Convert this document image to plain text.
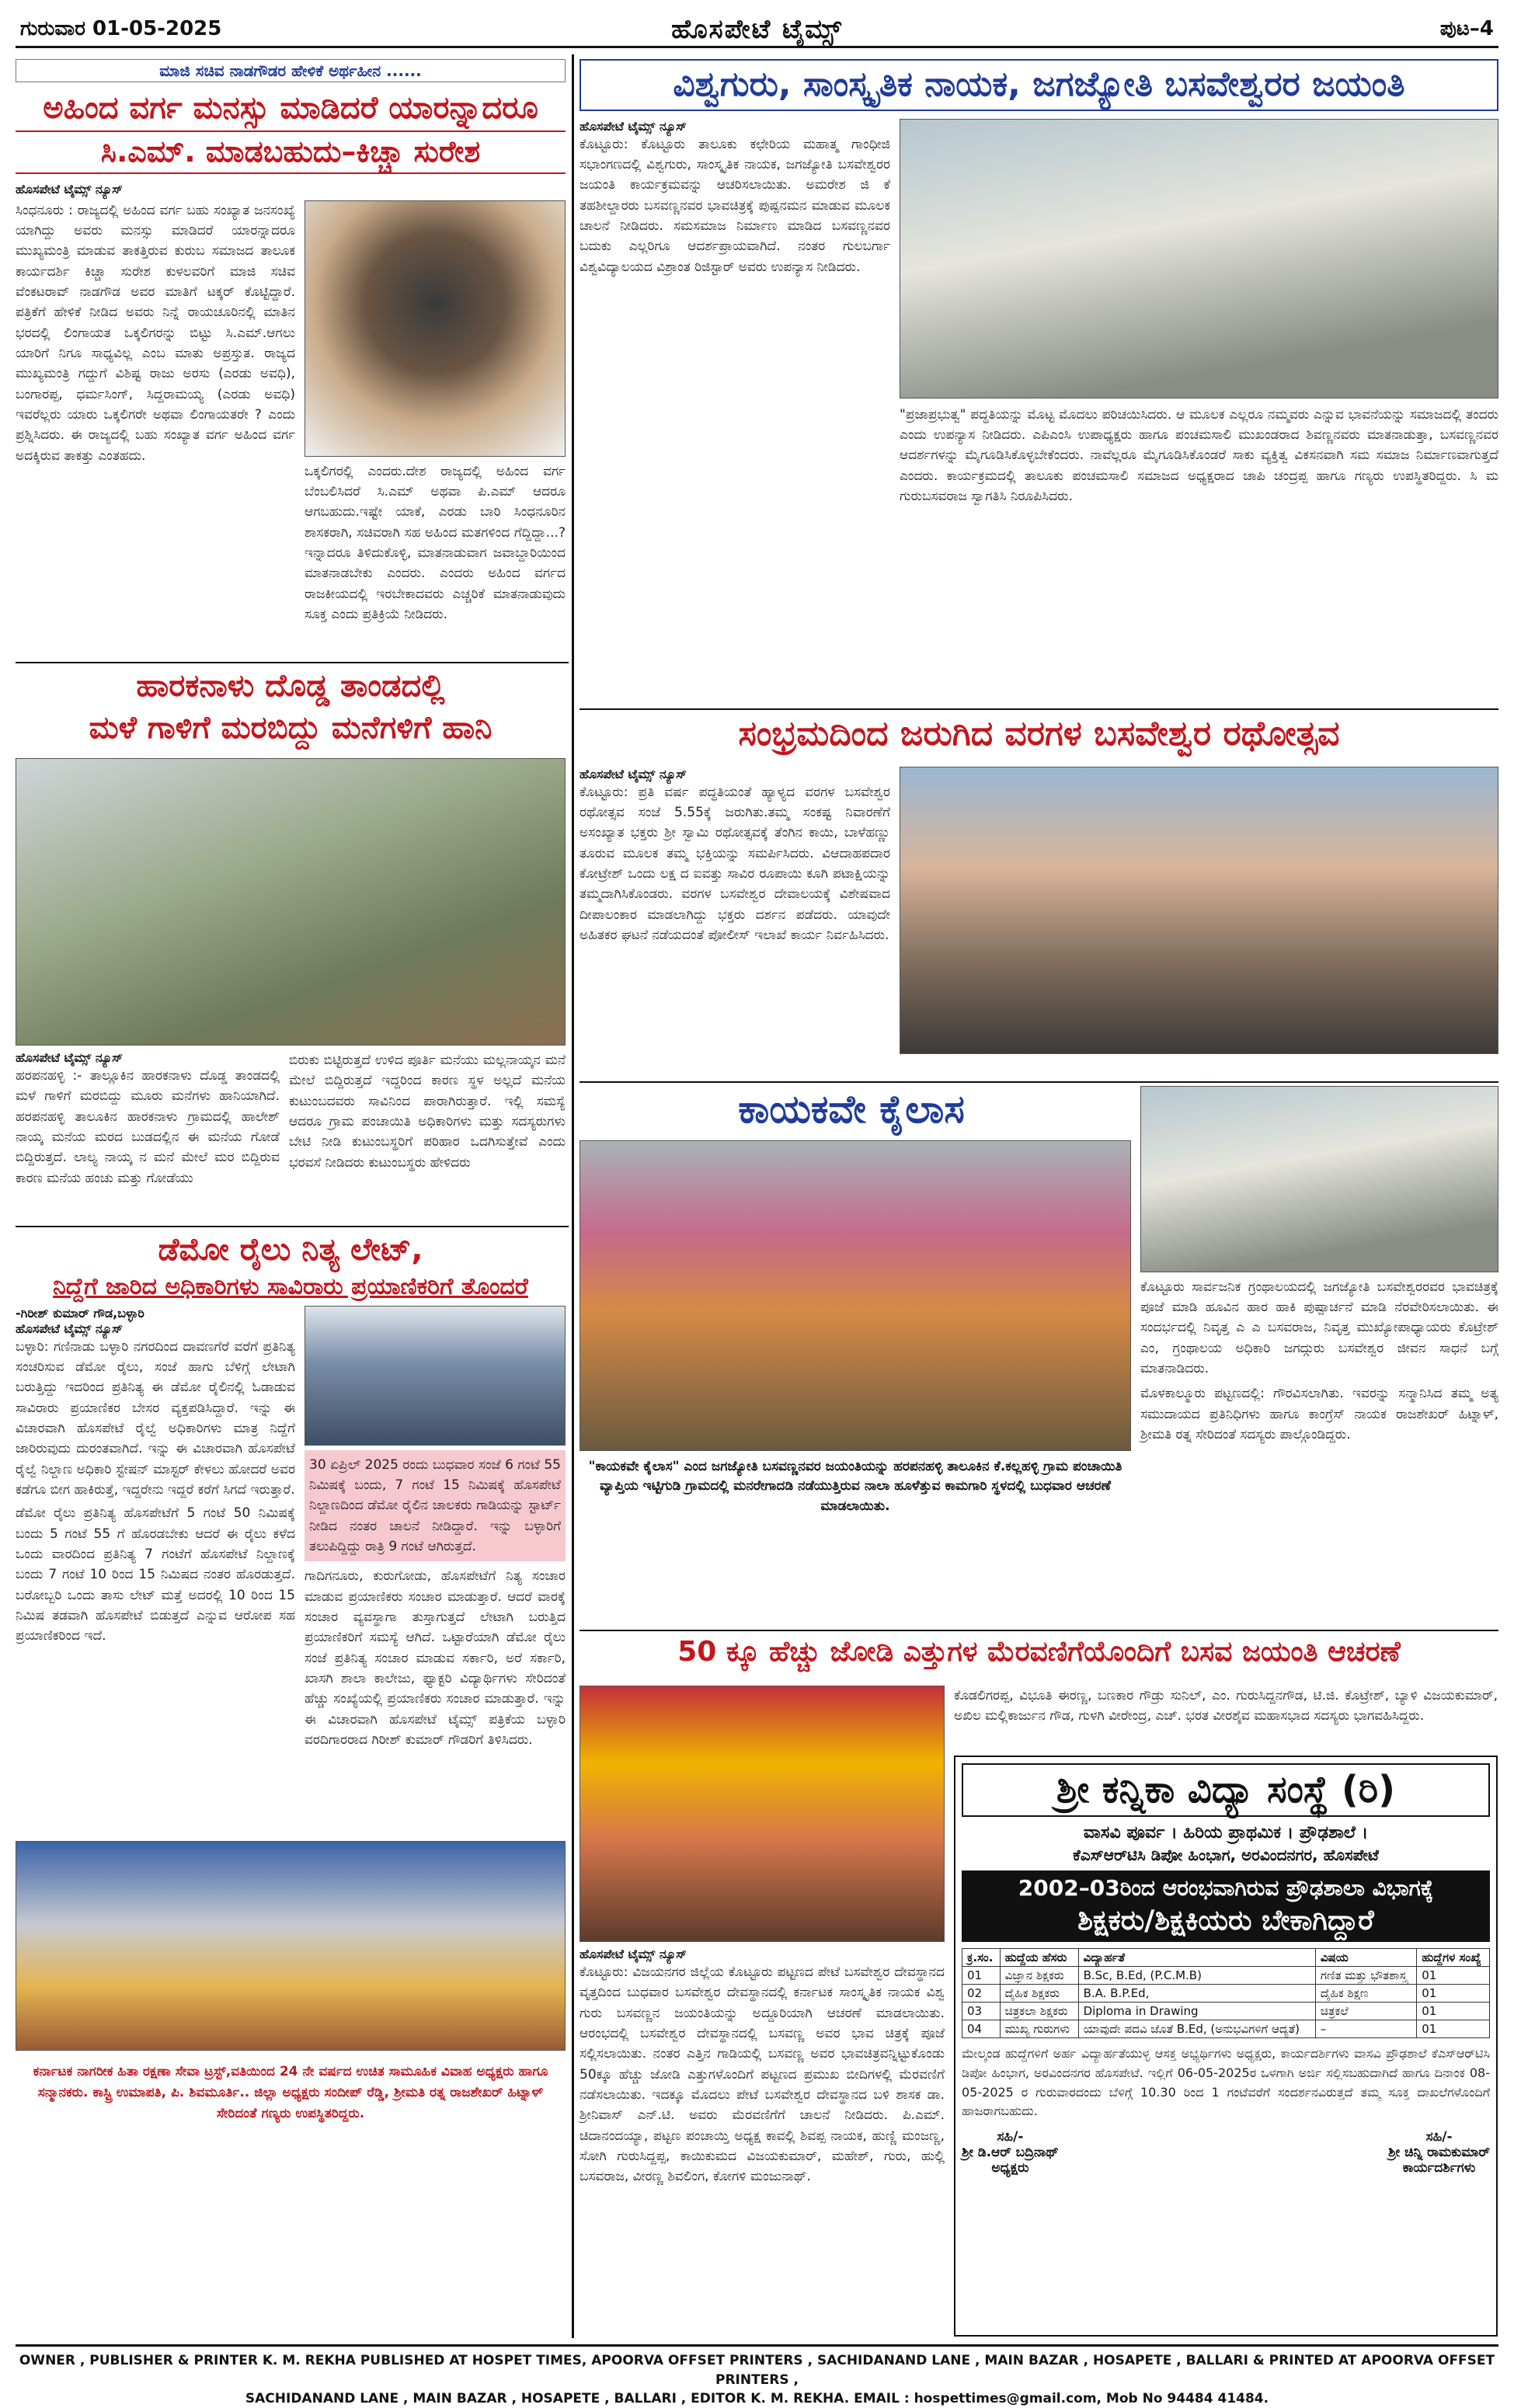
ಗುರುವಾರ 01-05-2025	ಹೊಸಪೇಟೆ ಟೈಮ್ಸ್	ಪುಟ–4
ಮಾಜಿ ಸಚಿವ ನಾಡಗೌಡರ ಹೇಳಿಕೆ ಅರ್ಥಹೀನ ......
ಅಹಿಂದ ವರ್ಗ ಮನಸ್ಸು ಮಾಡಿದರೆ ಯಾರನ್ನಾದರೂ
ಸಿ.ಎಮ್. ಮಾಡಬಹುದು–ಕಿಚ್ಚಾ ಸುರೇಶ
ಹೊಸಪೇಟೆ ಟೈಮ್ಸ್ ನ್ಯೂಸ್
ಸಿಂಧನೂರು : ರಾಜ್ಯದಲ್ಲಿ ಅಹಿಂದ ವರ್ಗ ಬಹು ಸಂಖ್ಯಾತ ಜನಸಂಖ್ಯೆ ಯಾಗಿದ್ದು ಅವರು ಮನಸ್ಸು ಮಾಡಿದರೆ ಯಾರನ್ನಾದರೂ ಮುಖ್ಯಮಂತ್ರಿ ಮಾಡುವ ತಾಕತ್ತಿರುವ ಕುರುಬ ಸಮಾಜದ ತಾಲೂಕ ಕಾರ್ಯದರ್ಶಿ ಕಿಚ್ಚಾ ಸುರೇಶ ಕುಳಲವರಿಗೆ ಮಾಜಿ ಸಚಿವ ವೆಂಕಟರಾವ್ ನಾಡಗೌಡ ಅವರ ಮಾತಿಗೆ ಟಕ್ಕರ್ ಕೊಟ್ಟಿದ್ದಾರೆ. ಪತ್ರಿಕೆಗೆ ಹೇಳಿಕೆ ನೀಡಿದ ಅವರು ನಿನ್ನೆ ರಾಯಚೂರಿನಲ್ಲಿ ಮಾತಿನ ಭರದಲ್ಲಿ ಲಿಂಗಾಯತ ಒಕ್ಕಲಿಗರನ್ನು ಬಿಟ್ಟು ಸಿ.ಎಮ್.ಆಗಲು ಯಾರಿಗೆ ನಿಗೂ ಸಾಧ್ಯವಿಲ್ಲ ಎಂಬ ಮಾತು ಅಪ್ರಸ್ತುತ. ರಾಜ್ಯದ ಮುಖ್ಯಮಂತ್ರಿ ಗದ್ದುಗೆ ವಿಶಿಷ್ಟ ರಾಜು ಅರಸು (ಎರಡು ಅವಧಿ), ಬಂಗಾರಪ್ಪ, ಧರ್ಮಸಿಂಗ್, ಸಿದ್ದರಾಮಯ್ಯ (ಎರಡು ಅವಧಿ) ಇವರೆಲ್ಲರು ಯಾರು ಒಕ್ಕಲಿಗರೇ ಅಥವಾ ಲಿಂಗಾಯತರೇ ? ಎಂದು ಪ್ರಶ್ನಿಸಿದರು. ಈ ರಾಜ್ಯದಲ್ಲಿ ಬಹು ಸಂಖ್ಯಾತ ವರ್ಗ ಅಹಿಂದ ವರ್ಗ ಅದಕ್ಕಿರುವ ತಾಕತ್ತು ಎಂತಹದು.
ಒಕ್ಕಲಿಗರಲ್ಲಿ ಎಂದರು.ದೇಶ ರಾಜ್ಯದಲ್ಲಿ ಅಹಿಂದ ವರ್ಗ ಬೆಂಬಲಿಸಿದರೆ ಸಿ.ಎಮ್ ಅಥವಾ ಪಿ.ಎಮ್ ಆದರೂ ಆಗಬಹುದು.ಇಷ್ಟೇ ಯಾಕೆ, ಎರಡು ಬಾರಿ ಸಿಂಧನೂರಿನ ಶಾಸಕರಾಗಿ, ಸಚಿವರಾಗಿ ಸಹ ಅಹಿಂದ ಮತಗಳಿಂದ ಗೆದ್ದಿದ್ದಾ...? ಇನ್ನಾದರೂ ತಿಳಿದುಕೊಳ್ಳಿ, ಮಾತನಾಡುವಾಗ ಜವಾಬ್ದಾರಿಯಿಂದ ಮಾತನಾಡಬೇಕು ಎಂದರು. ಎಂದರು ಅಹಿಂದ ವರ್ಗದ ರಾಜಕೀಯದಲ್ಲಿ ಇರಬೇಕಾದವರು ಎಚ್ಚರಿಕೆ ಮಾತನಾಡುವುದು ಸೂಕ್ತ ಎಂದು ಪ್ರತಿಕ್ರಿಯೆ ನೀಡಿದರು.
ಹಾರಕನಾಳು ದೊಡ್ಡ ತಾಂಡದಲ್ಲಿ
ಮಳೆ ಗಾಳಿಗೆ ಮರಬಿದ್ದು ಮನೆಗಳಿಗೆ ಹಾನಿ
ಹೊಸಪೇಟೆ ಟೈಮ್ಸ್ ನ್ಯೂಸ್
ಹರಪನಹಳ್ಳಿ :- ತಾಲ್ಲೂಕಿನ ಹಾರಕನಾಳು ದೊಡ್ಡ ತಾಂಡದಲ್ಲಿ ಮಳೆ ಗಾಳಿಗೆ ಮರಬಿದ್ದು ಮೂರು ಮನೆಗಳು ಹಾನಿಯಾಗಿದೆ. ಹರಪನಹಳ್ಳಿ ತಾಲೂಕಿನ ಹಾರಕನಾಳು ಗ್ರಾಮದಲ್ಲಿ ಹಾಲೇಶ್ ನಾಯ್ಕ ಮನೆಯ ಮರದ ಬುಡದಲ್ಲಿನ ಈ ಮನೆಯ ಗೋಡೆ ಬಿದ್ದಿರುತ್ತದೆ. ಲಾಲ್ಯ ನಾಯ್ಕ ನ ಮನೆ ಮೇಲೆ ಮರ ಬಿದ್ದಿರುವ ಕಾರಣ ಮನೆಯ ಹಂಚು ಮತ್ತು ಗೋಡೆಯು
ಬಿರುಕು ಬಿಟ್ಟಿರುತ್ತದೆ ಉಳಿದ ಪೂರ್ತಿ ಮನೆಯು ಮಲ್ಲನಾಯ್ಕನ ಮನೆ ಮೇಲೆ ಬಿದ್ದಿರುತ್ತದೆ ಇದ್ದರಿಂದ ಕಾರಣ ಸ್ಥಳ ಅಲ್ಲದೆ ಮನೆಯ ಕುಟುಂಬದವರು ಸಾವಿನಿಂದ ಪಾರಾಗಿರುತ್ತಾರೆ. ಇಲ್ಲಿ ಸಮಸ್ಯೆ ಆದರೂ ಗ್ರಾಮ ಪಂಚಾಯಿತಿ ಅಧಿಕಾರಿಗಳು ಮತ್ತು ಸದಸ್ಯರುಗಳು ಬೇಟಿ ನೀಡಿ ಕುಟುಂಬಸ್ಥರಿಗೆ ಪರಿಹಾರ ಒದಗಿಸುತ್ತೇವೆ ಎಂದು ಭರವಸೆ ನೀಡಿದರು ಕುಟುಂಬಸ್ಥರು ಹೇಳಿದರು
ಡೆಮೋ ರೈಲು ನಿತ್ಯ ಲೇಟ್,
ನಿದ್ದೆಗೆ ಜಾರಿದ ಅಧಿಕಾರಿಗಳು ಸಾವಿರಾರು ಪ್ರಯಾಣಿಕರಿಗೆ ತೊಂದರೆ
-ಗಿರೀಶ್ ಕುಮಾರ್ ಗೌಡ,ಬಳ್ಳಾರಿ
ಹೊಸಪೇಟೆ ಟೈಮ್ಸ್ ನ್ಯೂಸ್
ಬಳ್ಳಾರಿ: ಗಣಿನಾಡು ಬಳ್ಳಾರಿ ನಗರದಿಂದ ದಾವಣಗೆರೆ ವರೆಗೆ ಪ್ರತಿನಿತ್ಯ ಸಂಚರಿಸುವ ಡೆಮೋ ರೈಲು, ಸಂಜೆ ಹಾಗು ಬೆಳಿಗ್ಗೆ ಲೇಟಾಗಿ ಬರುತ್ತಿದ್ದು ಇದರಿಂದ ಪ್ರತಿನಿತ್ಯ ಈ ಡೆಮೋ ರೈಲಿನಲ್ಲಿ ಓಡಾಡುವ ಸಾವಿರಾರು ಪ್ರಯಾಣಿಕರ ಬೇಸರ ವ್ಯಕ್ತಪಡಿಸಿದ್ದಾರೆ. ಇನ್ನು ಈ ವಿಚಾರವಾಗಿ ಹೊಸಪೇಟೆ ರೈಲ್ವೆ ಅಧಿಕಾರಿಗಳು ಮಾತ್ರ ನಿದ್ದೆಗೆ ಜಾರಿರುವುದು ದುರಂತವಾಗಿದೆ. ಇನ್ನು ಈ ವಿಚಾರವಾಗಿ ಹೊಸಪೇಟೆ ರೈಲ್ವೆ ನಿಲ್ದಾಣ ಅಧಿಕಾರಿ ಸ್ಟೇಷನ್ ಮಾಸ್ಟರ್ ಕೇಳಲು ಹೋದರೆ ಅವರ ಕಡೆಗೂ ಬೀಗ ಹಾಕಿರುತ್ತೆ, ಇದ್ದರೇನು ಇದ್ದರೆ ಕರೆಗೆ ಸಿಗದೆ ಇರುತ್ತಾರೆ.
ಡೆಮೋ ರೈಲು ಪ್ರತಿನಿತ್ಯ ಹೊಸಪೇಟೆಗೆ 5 ಗಂಟೆ 50 ನಿಮಿಷಕ್ಕೆ ಬಂದು 5 ಗಂಟೆ 55 ಗೆ ಹೊರಡಬೇಕು ಆದರೆ ಈ ರೈಲು ಕಳೆದ ಒಂದು ವಾರದಿಂದ ಪ್ರತಿನಿತ್ಯ 7 ಗಂಟೆಗೆ ಹೊಸಪೇಟೆ ನಿಲ್ದಾಣಕ್ಕೆ ಬಂದು 7 ಗಂಟೆ 10 ರಿಂದ 15 ನಿಮಿಷದ ನಂತರ ಹೊರಡುತ್ತದೆ. ಬರೋಬ್ಬರಿ ಒಂದು ತಾಸು ಲೇಟ್ ಮತ್ತೆ ಅದರಲ್ಲಿ 10 ರಿಂದ 15 ನಿಮಿಷ ತಡವಾಗಿ ಹೊಸಪೇಟೆ ಬಿಡುತ್ತದೆ ಎನ್ನುವ ಆರೋಪ ಸಹ ಪ್ರಯಾಣಿಕರಿಂದ ಇದೆ.
30 ಏಪ್ರಿಲ್ 2025 ರಂದು ಬುಧವಾರ ಸಂಜೆ 6 ಗಂಟೆ 55 ನಿಮಿಷಕ್ಕೆ ಬಂದು, 7 ಗಂಟೆ 15 ನಿಮಿಷಕ್ಕೆ ಹೊಸಪೇಟೆ ನಿಲ್ದಾಣದಿಂದ ಡೆಮೋ ರೈಲಿನ ಚಾಲಕರು ಗಾಡಿಯನ್ನು ಸ್ಟಾರ್ಟ್ ನೀಡಿದ ನಂತರ ಚಾಲನೆ ನೀಡಿದ್ದಾರೆ. ಇನ್ನು ಬಳ್ಳಾರಿಗೆ ತಲುಪಿದ್ದಿದ್ದು ರಾತ್ರಿ 9 ಗಂಟೆ ಆಗಿರುತ್ತದೆ.
ಗಾದಿಗನೂರು, ಕುರುಗೋಡು, ಹೊಸಪೇಟೆಗೆ ನಿತ್ಯ ಸಂಚಾರ ಮಾಡುವ ಪ್ರಯಾಣಿಕರು ಸಂಚಾರ ಮಾಡುತ್ತಾರೆ. ಆದರೆ ವಾರಕ್ಕೆ ಸಂಚಾರ ವ್ಯವಸ್ಥಾಗಾ ತುಸ್ತಾಗುತ್ತದೆ ಲೇಟಾಗಿ ಬರುತ್ತಿದ ಪ್ರಯಾಣಿಕರಿಗೆ ಸಮಸ್ಯೆ ಆಗಿದೆ. ಒಟ್ಟಾರೆಯಾಗಿ ಡೆಮೋ ರೈಲು ಸಂಜೆ ಪ್ರತಿನಿತ್ಯ ಸಂಚಾರ ಮಾಡುವ ಸರ್ಕಾರಿ, ಅರೆ ಸರ್ಕಾರಿ, ಖಾಸಗಿ ಶಾಲಾ ಕಾಲೇಜು, ಫ್ಯಾಕ್ಟರಿ ವಿದ್ಯಾರ್ಥಿಗಳು ಸೇರಿದಂತೆ ಹೆಚ್ಚು ಸಂಖ್ಯೆಯಲ್ಲಿ ಪ್ರಯಾಣಿಕರು ಸಂಚಾರ ಮಾಡುತ್ತಾರೆ. ಇನ್ನು ಈ ವಿಚಾರವಾಗಿ ಹೊಸಪೇಟೆ ಟೈಮ್ಸ್ ಪತ್ರಿಕೆಯ ಬಳ್ಳಾರಿ ವರದಿಗಾರರಾದ ಗಿರೀಶ್ ಕುಮಾರ್ ಗೌಡರಿಗೆ ತಿಳಿಸಿದರು.
ಕರ್ನಾಟಕ ನಾಗರೀಕ ಹಿತಾ ರಕ್ಷಣಾ ಸೇವಾ ಟ್ರಸ್ಟ್,ವತಿಯಿಂದ 24 ನೇ ವರ್ಷದ ಉಚಿತ ಸಾಮೂಹಿಕ ವಿವಾಹ ಅಧ್ಯಕ್ಷರು ಹಾಗೂ ಸನ್ಮಾನಕರು. ಕಾಸ್ಟ್ರಿ ಉಮಾಪತಿ, ಪಿ. ಶಿವಮೂರ್ತಿ.. ಜಿಲ್ಲಾ ಅಧ್ಯಕ್ಷರು ಸಂದೀಪ್ ರೆಡ್ಡಿ, ಶ್ರೀಮತಿ ರತ್ನ ರಾಜಶೇಖರ್ ಹಿಟ್ನಾಳ್ ಸೇರಿದಂತೆ ಗಣ್ಯರು ಉಪಸ್ಥಿತರಿದ್ದರು.
ವಿಶ್ವಗುರು, ಸಾಂಸ್ಕೃತಿಕ ನಾಯಕ, ಜಗಜ್ಯೋತಿ ಬಸವೇಶ್ವರರ ಜಯಂತಿ
ಹೊಸಪೇಟೆ ಟೈಮ್ಸ್ ನ್ಯೂಸ್
ಕೊಟ್ಟೂರು: ಕೊಟ್ಟೂರು ತಾಲೂಕು ಕಛೇರಿಯ ಮಹಾತ್ಮ ಗಾಂಧೀಜಿ ಸಭಾಂಗಣದಲ್ಲಿ ವಿಶ್ವಗುರು, ಸಾಂಸ್ಕೃತಿಕ ನಾಯಕ, ಜಗಜ್ಯೋತಿ ಬಸವೇಶ್ವರರ ಜಯಂತಿ ಕಾರ್ಯಕ್ರಮವನ್ನು ಆಚರಿಸಲಾಯಿತು. ಅಮರೇಶ ಜಿ ಕೆ ತಹಶೀಲ್ದಾರರು ಬಸವಣ್ಣನವರ ಭಾವಚಿತ್ರಕ್ಕೆ ಪುಷ್ಪನಮನ ಮಾಡುವ ಮೂಲಕ ಚಾಲನೆ ನೀಡಿದರು. ಸಮಸಮಾಜ ನಿರ್ಮಾಣ ಮಾಡಿದ ಬಸವಣ್ಣನವರ ಬದುಕು ಎಲ್ಲರಿಗೂ ಆದರ್ಶಪ್ರಾಯವಾಗಿದೆ. ನಂತರ ಗುಲಬರ್ಗಾ ವಿಶ್ವವಿದ್ಯಾಲಯದ ವಿಶ್ರಾಂತ ರಿಜಿಸ್ಟಾರ್ ಅವರು ಉಪನ್ಯಾಸ ನೀಡಿದರು.
"ಪ್ರಜಾಪ್ರಭುತ್ವ" ಪದ್ಧತಿಯನ್ನು ಮೊಟ್ಟ ಮೊದಲು ಪರಿಚಯಿಸಿದರು. ಆ ಮೂಲಕ ಎಲ್ಲರೂ ನಮ್ಮವರು ಎನ್ನುವ ಭಾವನೆಯನ್ನು ಸಮಾಜದಲ್ಲಿ ತಂದರು ಎಂದು ಉಪನ್ಯಾಸ ನೀಡಿದರು. ಎಪಿಎಂಸಿ ಉಪಾಧ್ಯಕ್ಷರು ಹಾಗೂ ಪಂಚಮಸಾಲಿ ಮುಖಂಡರಾದ ಶಿವಣ್ಣನವರು ಮಾತನಾಡುತ್ತಾ, ಬಸವಣ್ಣನವರ ಆದರ್ಶಗಳನ್ನು ಮೈಗೂಡಿಸಿಕೊಳ್ಳಬೇಕೆಂದರು. ನಾವೆಲ್ಲರೂ ಮೈಗೂಡಿಸಿಕೊಂಡರೆ ಸಾಕು ವ್ಯಕ್ತಿತ್ವ ವಿಕಸನವಾಗಿ ಸಮ ಸಮಾಜ ನಿರ್ಮಾಣವಾಗುತ್ತದೆ ಎಂದರು. ಕಾರ್ಯಕ್ರಮದಲ್ಲಿ ತಾಲೂಕು ಪಂಚಮಸಾಲಿ ಸಮಾಜದ ಅಧ್ಯಕ್ಷರಾದ ಚಾಪಿ ಚಂದ್ರಪ್ಪ ಹಾಗೂ ಗಣ್ಯರು ಉಪಸ್ಥಿತರಿದ್ದರು. ಸಿ ಮ ಗುರುಬಸವರಾಜ ಸ್ವಾಗತಿಸಿ ನಿರೂಪಿಸಿದರು.
ಸಂಭ್ರಮದಿಂದ ಜರುಗಿದ ವರಗಳ ಬಸವೇಶ್ವರ ರಥೋತ್ಸವ
ಹೊಸಪೇಟೆ ಟೈಮ್ಸ್ ನ್ಯೂಸ್
ಕೊಟ್ಟೂರು: ಪ್ರತಿ ವರ್ಷ ಪದ್ಧತಿಯಂತೆ ಹ್ಯಾಳ್ಯದ ವರಗಳ ಬಸವೇಶ್ವರ ರಥೋತ್ಸವ ಸಂಜೆ 5.55ಕ್ಕೆ ಜರುಗಿತು.ತಮ್ಮ ಸಂಕಷ್ಟ ನಿವಾರಣೆಗೆ ಅಸಂಖ್ಯಾತ ಭಕ್ತರು ಶ್ರೀ ಸ್ವಾಮಿ ರಥೋತ್ಸವಕ್ಕೆ ತೆಂಗಿನ ಕಾಯಿ, ಬಾಳೆಹಣ್ಣು ತೂರುವ ಮೂಲಕ ತಮ್ಮ ಭಕ್ತಿಯನ್ನು ಸಮರ್ಪಿಸಿದರು. ವಿಆದಾಹಪದಾರ ಕೋಟ್ರೇಶ್ ಒಂದು ಲಕ್ಷ ದ ಐವತ್ತು ಸಾವಿರ ರೂಪಾಯಿ ಕೂಗಿ ಪಟಾಕ್ಷಿಯನ್ನು ತಮ್ಮದಾಗಿಸಿಕೊಂಡರು. ವರಗಳ ಬಸವೇಶ್ವರ ದೇವಾಲಯಕ್ಕೆ ವಿಶೇಷವಾದ ದೀಪಾಲಂಕಾರ ಮಾಡಲಾಗಿದ್ದು ಭಕ್ತರು ದರ್ಶನ ಪಡೆದರು. ಯಾವುದೇ ಅಹಿತಕರ ಘಟನೆ ನಡೆಯದಂತೆ ಪೋಲೀಸ್ ಇಲಾಖೆ ಕಾರ್ಯ ನಿರ್ವಹಿಸಿದರು.
ಕಾಯಕವೇ ಕೈಲಾಸ
"ಕಾಯಕವೇ ಕೈಲಾಸ" ಎಂದ ಜಗಜ್ಯೋತಿ ಬಸವಣ್ಣನವರ ಜಯಂತಿಯನ್ನು ಹರಪನಹಳ್ಳಿ ತಾಲೂಕಿನ ಕೆ.ಕಲ್ಲಹಳ್ಳಿ ಗ್ರಾಮ ಪಂಚಾಯಿತಿ ವ್ಯಾಪ್ತಿಯ ಇಟ್ಟಿಗುಡಿ ಗ್ರಾಮದಲ್ಲಿ ಮನರೇಗಾದಡಿ ನಡೆಯುತ್ತಿರುವ ನಾಲಾ ಹೂಳೆತ್ತುವ ಕಾಮಗಾರಿ ಸ್ಥಳದಲ್ಲಿ ಬುಧವಾರ ಆಚರಣೆ ಮಾಡಲಾಯಿತು.
ಕೊಟ್ಟೂರು ಸಾರ್ವಜನಿಕ ಗ್ರಂಥಾಲಯದಲ್ಲಿ ಜಗಜ್ಯೋತಿ ಬಸವೇಶ್ವರರವರ ಭಾವಚಿತ್ರಕ್ಕೆ ಪೂಜೆ ಮಾಡಿ ಹೂವಿನ ಹಾರ ಹಾಕಿ ಪುಷ್ಪಾರ್ಚನೆ ಮಾಡಿ ನೆರವೇರಿಸಲಾಯಿತು. ಈ ಸಂದರ್ಭದಲ್ಲಿ ನಿವೃತ್ತ ಎ ಎ ಬಸವರಾಜ, ನಿವೃತ್ತ ಮುಖ್ಯೋಪಾಧ್ಯಾಯರು ಕೊಟ್ರೇಶ್ ಎಂ, ಗ್ರಂಥಾಲಯ ಅಧಿಕಾರಿ ಜಗದ್ಗುರು ಬಸವೇಶ್ವರ ಜೀವನ ಸಾಧನೆ ಬಗ್ಗೆ ಮಾತನಾಡಿದರು.
ಮೊಳಕಾಲ್ಮೂರು ಪಟ್ಟಣದಲ್ಲಿ: ಗೌರವಿಸಲಾಗಿತು. ಇವರನ್ನು ಸನ್ಮಾನಿಸಿದ ತಮ್ಮ ಅತ್ಯ ಸಮುದಾಯದ ಪ್ರತಿನಿಧಿಗಳು ಹಾಗೂ ಕಾಂಗ್ರೆಸ್ ನಾಯಕ ರಾಜಶೇಖರ್ ಹಿಟ್ನಾಳ್, ಶ್ರೀಮತಿ ರತ್ನ ಸೇರಿದಂತೆ ಸದಸ್ಯರು ಪಾಲ್ಗೊಂಡಿದ್ದರು.
50 ಕ್ಕೂ ಹೆಚ್ಚು ಜೋಡಿ ಎತ್ತುಗಳ ಮೆರವಣಿಗೆಯೊಂದಿಗೆ ಬಸವ ಜಯಂತಿ ಆಚರಣೆ
ಹೊಸಪೇಟೆ ಟೈಮ್ಸ್ ನ್ಯೂಸ್
ಕೊಟ್ಟೂರು: ವಿಜಯನಗರ ಜಿಲ್ಲೆಯ ಕೊಟ್ಟೂರು ಪಟ್ಟಣದ ಪೇಟೆ ಬಸವೇಶ್ವರ ದೇವಸ್ಥಾನದ ವೃತ್ತದಿಂದ ಬುಧವಾರ ಬಸವೇಶ್ವರ ದೇವಸ್ಥಾನದಲ್ಲಿ ಕರ್ನಾಟಕ ಸಾಂಸ್ಕೃತಿಕ ನಾಯಕ ವಿಶ್ವ ಗುರು ಬಸವಣ್ಣನ ಜಯಂತಿಯನ್ನು ಅದ್ದೂರಿಯಾಗಿ ಆಚರಣೆ ಮಾಡಲಾಯಿತು. ಆರಂಭದಲ್ಲಿ ಬಸವೇಶ್ವರ ದೇವಸ್ಥಾನದಲ್ಲಿ ಬಸವಣ್ಣ ಅವರ ಭಾವ ಚಿತ್ರಕ್ಕೆ ಪೂಜೆ ಸಲ್ಲಿಸಲಾಯಿತು. ನಂತರ ಎತ್ತಿನ ಗಾಡಿಯಲ್ಲಿ ಬಸವಣ್ಣ ಅವರ ಭಾವಚಿತ್ರವನ್ನಿಟ್ಟುಕೊಂಡು 50ಕ್ಕೂ ಹೆಚ್ಚು ಜೋಡಿ ಎತ್ತುಗಳೊಂದಿಗೆ ಪಟ್ಟಣದ ಪ್ರಮುಖ ಬೀದಿಗಳಲ್ಲಿ ಮೆರವಣಿಗೆ ನಡೆಸಲಾಯಿತು. ಇದಕ್ಕೂ ಮೊದಲು ಪೇಟೆ ಬಸವೇಶ್ವರ ದೇವಸ್ಥಾನದ ಬಳಿ ಶಾಸಕ ಡಾ. ಶ್ರೀನಿವಾಸ್ ಎನ್.ಟಿ. ಅವರು ಮೆರವಣಿಗೆಗೆ ಚಾಲನೆ ನೀಡಿದರು. ಪಿ.ಎಮ್. ಚಿದಾನಂದಯ್ಯಾ, ಪಟ್ಟಣ ಪಂಚಾಯ್ತಿ ಅಧ್ಯಕ್ಷ ಕಾವಲ್ಲಿ ಶಿವಪ್ಪ ನಾಯಕ, ಹುಣ್ಣಿ ಮಂಜಣ್ಣ, ಸೋಗಿ ಗುರುಸಿದ್ದಪ್ಪ, ಕಾಯಿಕುಮದ ವಿಜಯಕುಮಾರ್, ಮಹೇಶ್, ಗುರು, ಹುಲ್ಲಿ ಬಸವರಾಜ, ವೀರಣ್ಣ ಶಿವಲಿಂಗ, ಕೋಗಳಿ ಮಂಜುನಾಥ್.
ಕೊಡಲಿಗರಪ್ಪ, ವಿಭೂತಿ ಈರಣ್ಣ, ಬಣಕಾರ ಗೌಡ್ರು ಸುನಿಲ್, ಎಂ. ಗುರುಸಿದ್ದನಗೌಡ, ಟಿ.ಜಿ. ಕೊಟ್ರೇಶ್, ಬ್ಯಾಳಿ ವಿಜಯಕುಮಾರ್, ಅಖಿಲ ಮಲ್ಲಿಕಾರ್ಜುನ ಗೌಡ, ಗುಳಗಿ ವೀರೇಂದ್ರ, ಎಚ್. ಭರತ ವೀರಶೈವ ಮಹಾಸಭಾದ ಸದಸ್ಯರು ಭಾಗವಹಿಸಿದ್ದರು.
ಶ್ರೀ ಕನ್ನಿಕಾ ವಿದ್ಯಾ ಸಂಸ್ಥೆ (ರಿ)
ವಾಸವಿ ಪೂರ್ವ । ಹಿರಿಯ ಪ್ರಾಥಮಿಕ । ಪ್ರೌಢಶಾಲೆ ।
ಕೆಎಸ್ಆರ್‌ಟಿಸಿ ಡಿಪೋ ಹಿಂಭಾಗ, ಅರವಿಂದನಗರ, ಹೊಸಪೇಟೆ
2002–03ರಿಂದ ಆರಂಭವಾಗಿರುವ ಪ್ರೌಢಶಾಲಾ ವಿಭಾಗಕ್ಕೆ
ಶಿಕ್ಷಕರು/ಶಿಕ್ಷಕಿಯರು ಬೇಕಾಗಿದ್ದಾರೆ
ಕ್ರ.ಸಂ.	ಹುದ್ದೆಯ ಹೆಸರು	ವಿದ್ಯಾರ್ಹತೆ	ವಿಷಯ	ಹುದ್ದೆಗಳ ಸಂಖ್ಯೆ
01	ವಿಜ್ಞಾನ ಶಿಕ್ಷಕರು	B.Sc, B.Ed, (P.C.M.B)	ಗಣಿತ ಮತ್ತು ಭೌತಶಾಸ್ತ್ರ	01
02	ದೈಹಿಕ ಶಿಕ್ಷಕರು	B.A. B.P.Ed,	ದೈಹಿಕ ಶಿಕ್ಷಣ	01
03	ಚಿತ್ರಕಲಾ ಶಿಕ್ಷಕರು	Diploma in Drawing	ಚಿತ್ರಕಲೆ	01
04	ಮುಖ್ಯ ಗುರುಗಳು	ಯಾವುದೇ ಪದವಿ ಜೊತೆ B.Ed, (ಅನುಭವಿಗಳಿಗೆ ಆದ್ಯತೆ)	–	01
ಮೇಲ್ಕಂಡ ಹುದ್ದೆಗಳಿಗೆ ಅರ್ಹ ವಿದ್ಯಾರ್ಹತೆಯುಳ್ಳ ಆಸಕ್ತ ಅಭ್ಯರ್ಥಿಗಳು ಅಧ್ಯಕ್ಷರು, ಕಾರ್ಯದರ್ಶಿಗಳು ವಾಸವಿ ಪ್ರೌಢಶಾಲೆ ಕೆಎಸ್ಆರ್‌ಟಿಸಿ ಡಿಪೋ ಹಿಂಭಾಗ, ಅರವಿಂದನಗರ ಹೊಸಪೇಟೆ. ಇಲ್ಲಿಗೆ 06-05-2025ರ ಒಳಗಾಗಿ ಅರ್ಜಿ ಸಲ್ಲಿಸಬಹುದಾಗಿದೆ ಹಾಗೂ ದಿನಾಂಕ 08-05-2025 ರ ಗುರುವಾರದಂದು ಬೆಳಿಗ್ಗೆ 10.30 ರಿಂದ 1 ಗಂಟೆವರೆಗೆ ಸಂದರ್ಶನವಿರುತ್ತದೆ ತಮ್ಮ ಸೂಕ್ತ ದಾಖಲೆಗಳೊಂದಿಗೆ ಹಾಜರಾಗಬಹುದು.
ಸಹಿ/-
ಶ್ರೀ ಡಿ.ಆರ್ ಬದ್ರಿನಾಥ್
ಅಧ್ಯಕ್ಷರು
ಸಹಿ/-
ಶ್ರೀ ಚಿನ್ನಿ ರಾಮಕುಮಾರ್
ಕಾರ್ಯದರ್ಶಿಗಳು
OWNER , PUBLISHER & PRINTER K. M. REKHA PUBLISHED AT HOSPET TIMES, APOORVA OFFSET PRINTERS , SACHIDANAND LANE , MAIN BAZAR , HOSAPETE , BALLARI & PRINTED AT APOORVA OFFSET PRINTERS ,
SACHIDANAND LANE , MAIN BAZAR , HOSAPETE , BALLARI , EDITOR K. M. REKHA. EMAIL : hospettimes@gmail.com, Mob No 94484 41484.
